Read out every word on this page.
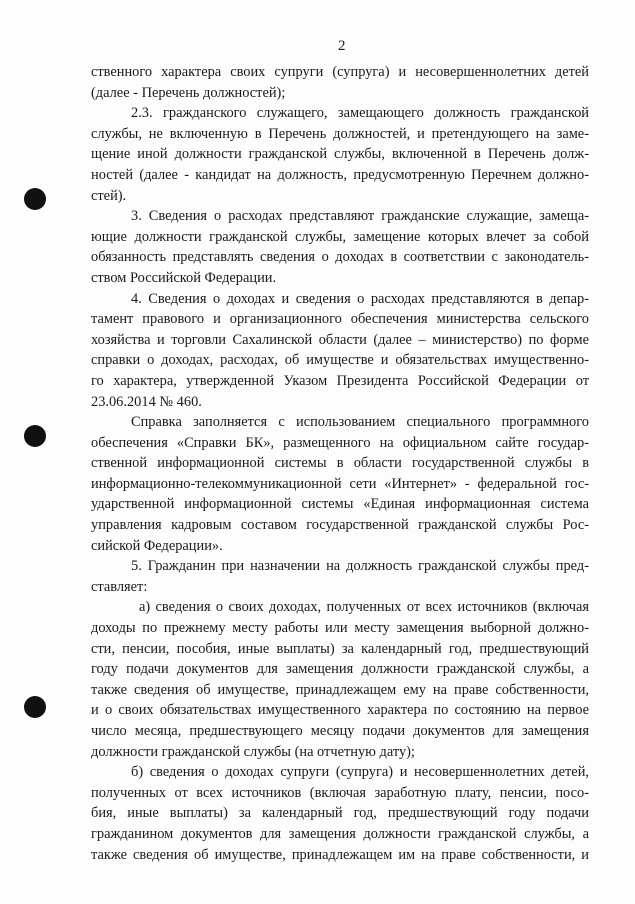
2

ственного характера своих супруги (супруга) и несовершеннолетних детей
(далее - Перечень должностей);

2.3. гражданского служащего, замещающего должность гражданской
службы, не включенную в Перечень должностей, и претендующего на заме-
щение иной должности гражданской службы, включенной в Перечень долж-
ностей (далее - кандидат на должность, предусмотренную Перечнем должно-
стей).

3. Сведения о расходах представляют гражданские служащие, замеща-
ющие должности гражданской службы, замещение которых влечет за собой
обязанность представлять сведения о доходах в соответствии с законодатель-
ством Российской Федерации.

4. Сведения о доходах и сведения о расходах представляются в депар-
тамент правового и организационного обеспечения министерства сельского
хозяйства и торговли Сахалинской области (далее – министерство) по форме
справки о доходах, расходах, об имуществе и обязательствах имущественно-
го характера, утвержденной Указом Президента Российской Федерации от
23.06.2014 № 460.

Справка заполняется с использованием специального программного
обеспечения «Справки БК», размещенного на официальном сайте государ-
ственной информационной системы в области государственной службы в
информационно-телекоммуникационной сети «Интернет» - федеральной гос-
ударственной информационной системы «Единая информационная система
управления кадровым составом государственной гражданской службы Рос-
сийской Федерации».

5. Гражданин при назначении на должность гражданской службы пред-
ставляет:

а) сведения о своих доходах, полученных от всех источников (включая
доходы по прежнему месту работы или месту замещения выборной должно-
сти, пенсии, пособия, иные выплаты) за календарный год, предшествующий
году подачи документов для замещения должности гражданской службы, а
также сведения об имуществе, принадлежащем ему на праве собственности,
и о своих обязательствах имущественного характера по состоянию на первое
число месяца, предшествующего месяцу подачи документов для замещения
должности гражданской службы (на отчетную дату);

б) сведения о доходах супруги (супруга) и несовершеннолетних детей,
полученных от всех источников (включая заработную плату, пенсии, посо-
бия, иные выплаты) за календарный год, предшествующий году подачи
гражданином документов для замещения должности гражданской службы, а
также сведения об имуществе, принадлежащем им на праве собственности, и
